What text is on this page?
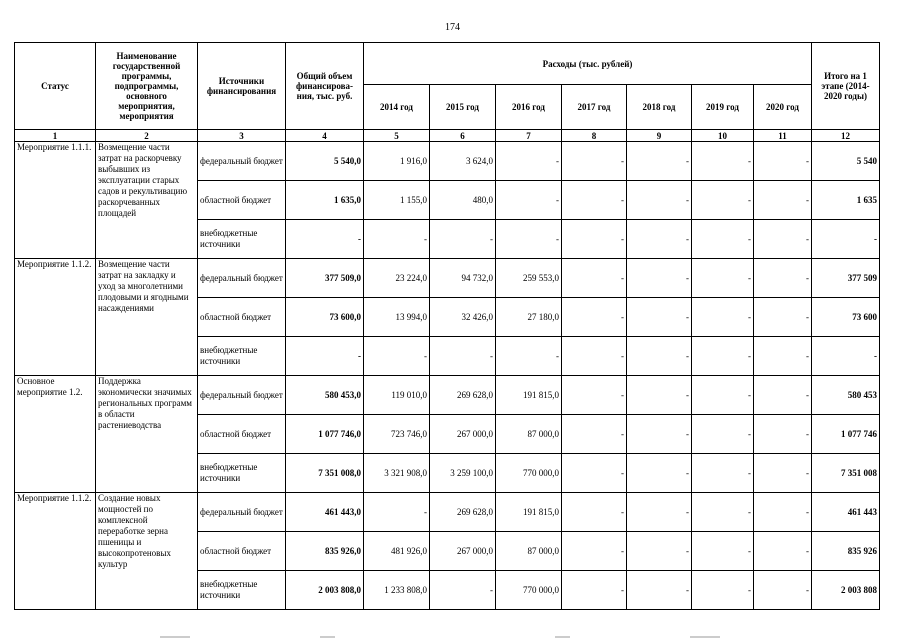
174
Статус	Наименование государственной программы, подпрограммы, основного мероприятия, мероприятия	Источники финансирования	Общий объем финансирова-ния, тыс. руб.	Расходы (тыс. рублей)							Итого на 1 этапе (2014-2020 годы)
				2014 год	2015 год	2016 год	2017 год	2018 год	2019 год	2020 год	
1	2	3	4	5	6	7	8	9	10	11	12
Мероприятие 1.1.1.	Возмещение части затрат на раскорчевку выбывших из эксплуатации старых садов и рекультивацию раскорчеванных площадей	федеральный бюджет	5 540,0	1 916,0	3 624,0	-	-	-	-	-	5 540
		областной бюджет	1 635,0	1 155,0	480,0	-	-	-	-	-	1 635
		внебюджетные источники	-	-	-	-	-	-	-	-	-
Мероприятие 1.1.2.	Возмещение части затрат на закладку и уход за многолетними плодовыми и ягодными насаждениями	федеральный бюджет	377 509,0	23 224,0	94 732,0	259 553,0	-	-	-	-	377 509
		областной бюджет	73 600,0	13 994,0	32 426,0	27 180,0	-	-	-	-	73 600
		внебюджетные источники	-	-	-	-	-	-	-	-	-
Основное мероприятие 1.2.	Поддержка экономически значимых региональных программ в области растениеводства	федеральный бюджет	580 453,0	119 010,0	269 628,0	191 815,0	-	-	-	-	580 453
		областной бюджет	1 077 746,0	723 746,0	267 000,0	87 000,0	-	-	-	-	1 077 746
		внебюджетные источники	7 351 008,0	3 321 908,0	3 259 100,0	770 000,0	-	-	-	-	7 351 008
Мероприятие 1.1.2.	Создание новых мощностей по комплексной переработке зерна пшеницы и высокопротеновых культур	федеральный бюджет	461 443,0	-	269 628,0	191 815,0	-	-	-	-	461 443
		областной бюджет	835 926,0	481 926,0	267 000,0	87 000,0	-	-	-	-	835 926
		внебюджетные источники	2 003 808,0	1 233 808,0	-	770 000,0	-	-	-	-	2 003 808
